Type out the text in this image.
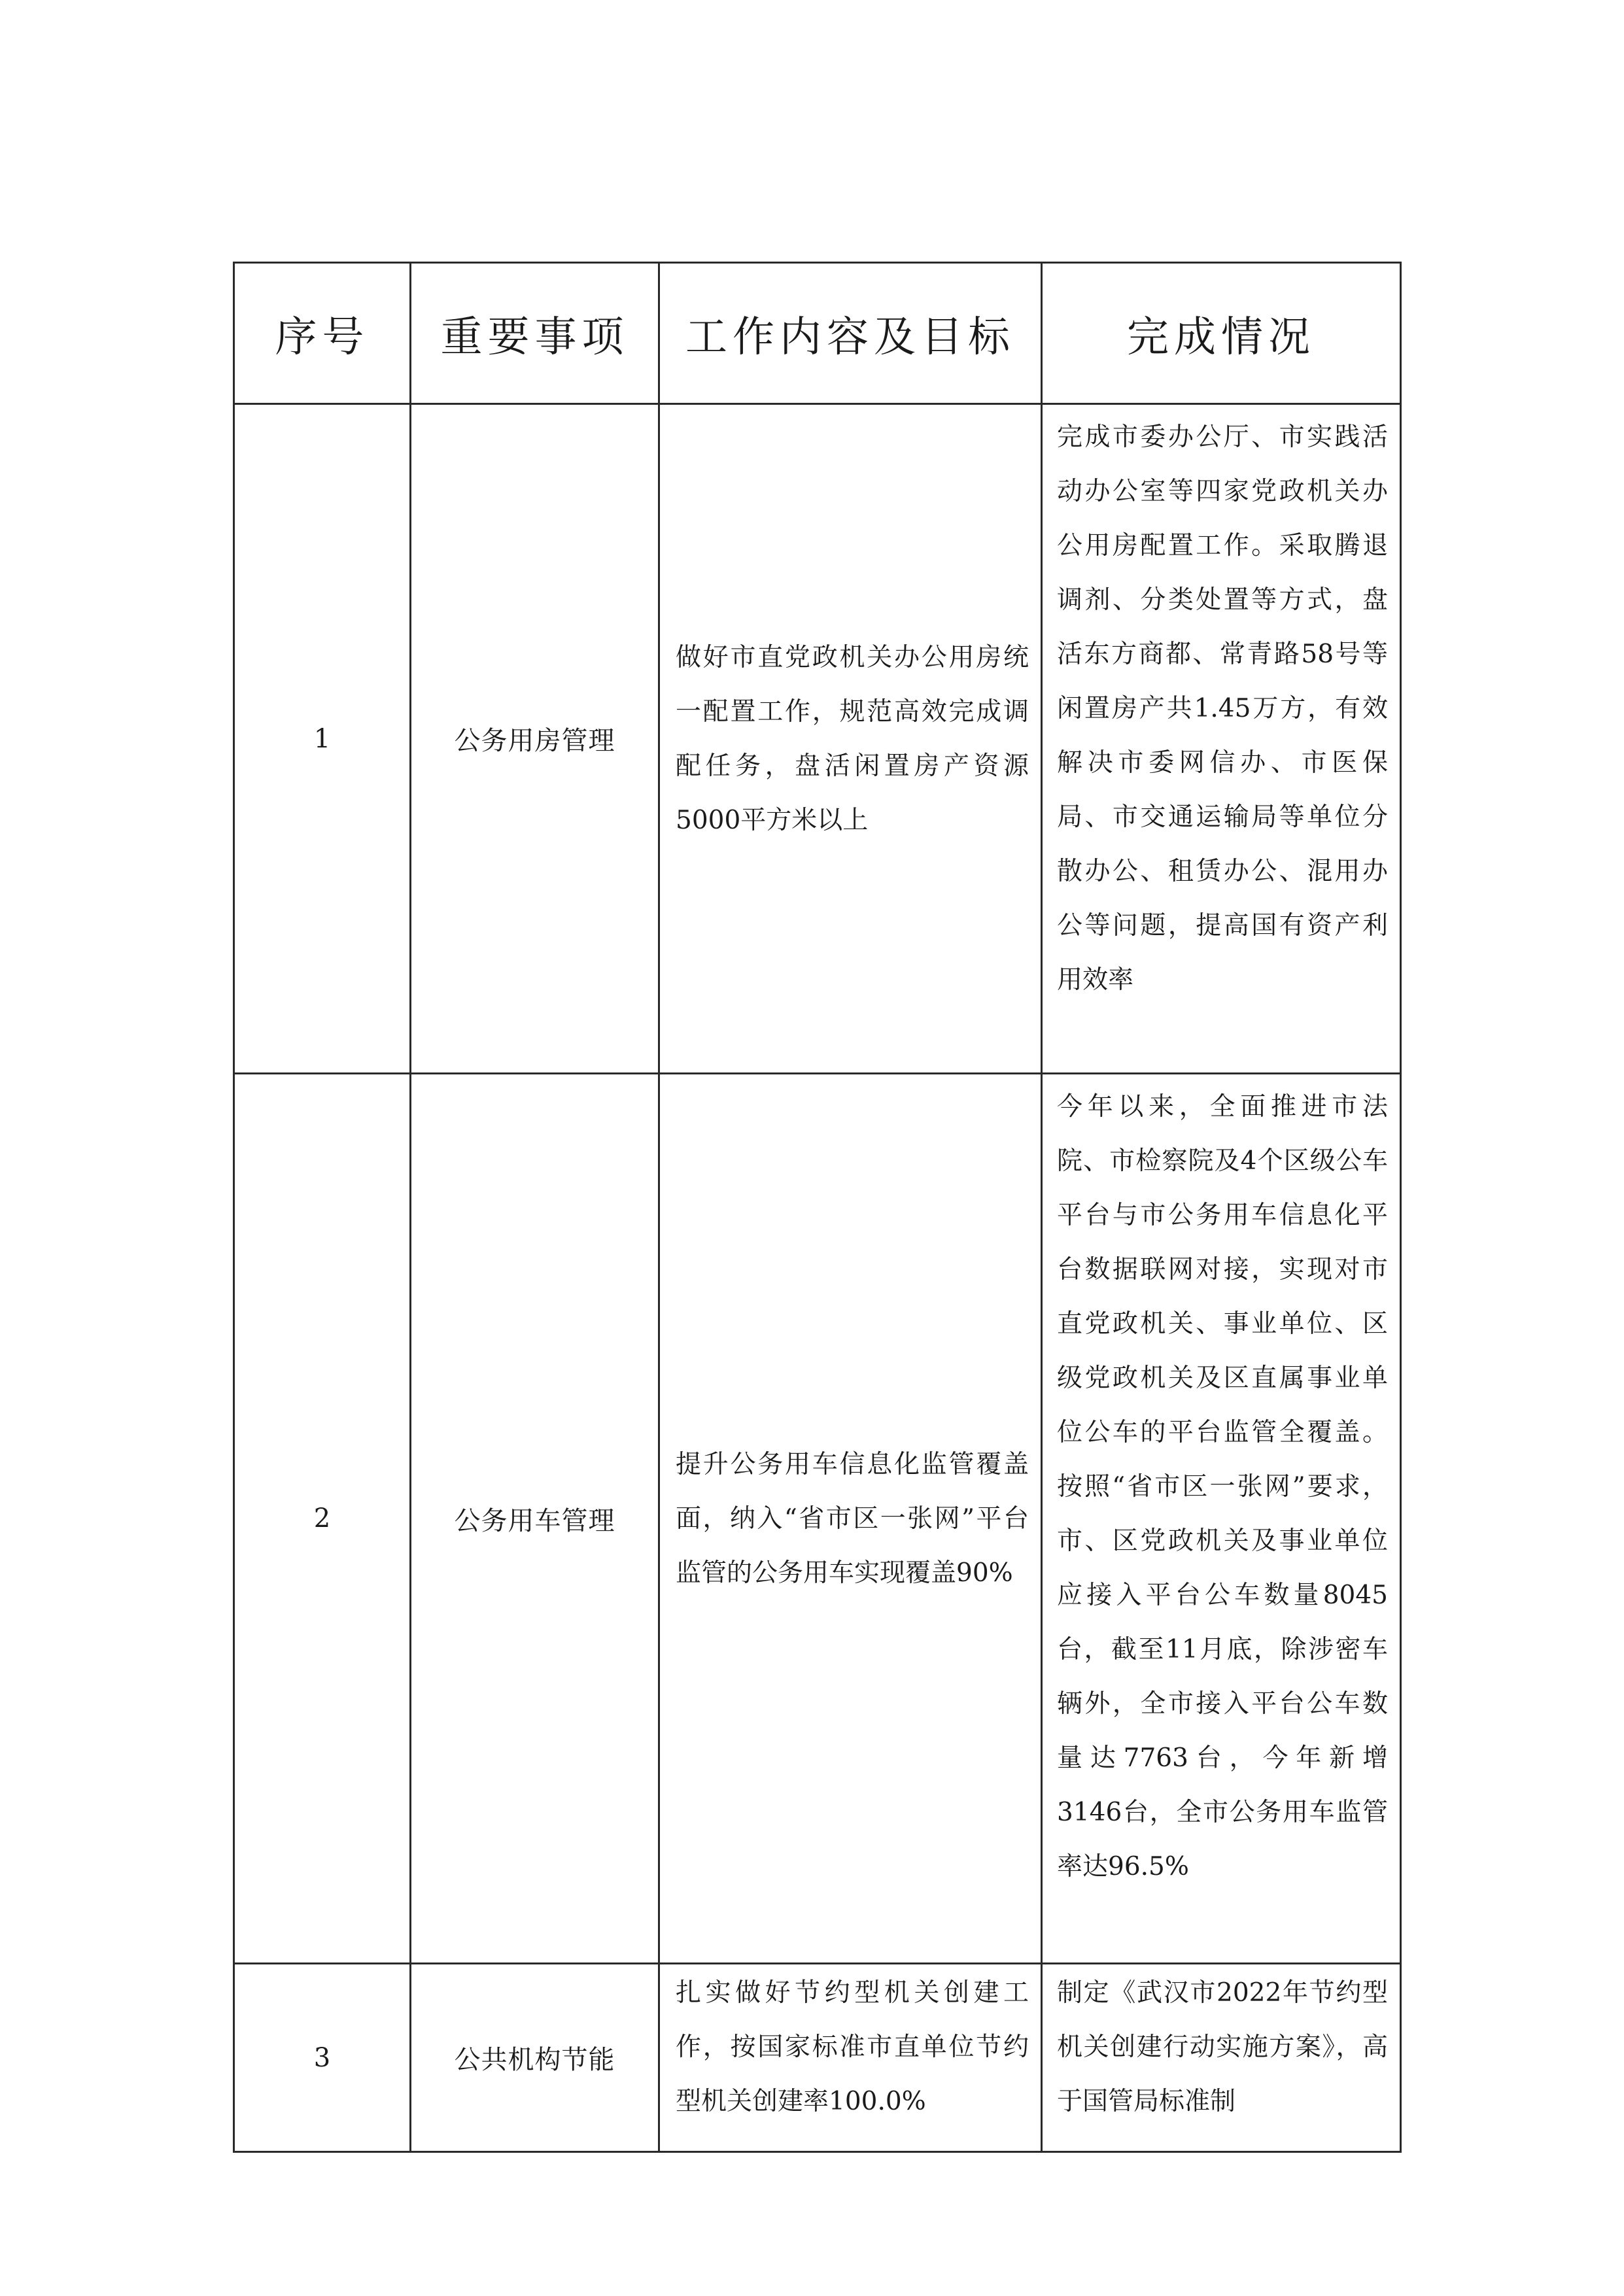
序号	重要事项	工作内容及目标	完成情况
1	公务用房管理	做好市直党政机关办公用房统一配置工作，规范高效完成调配任务，盘活闲置房产资源5000平方米以上	完成市委办公厅、市实践活动办公室等四家党政机关办公用房配置工作。采取腾退调剂、分类处置等方式，盘活东方商都、常青路58号等闲置房产共1.45万方，有效解决市委网信办、市医保局、市交通运输局等单位分散办公、租赁办公、混用办公等问题，提高国有资产利用效率
2	公务用车管理	提升公务用车信息化监管覆盖面，纳入“省市区一张网”平台监管的公务用车实现覆盖90%	今年以来，全面推进市法院、市检察院及4个区级公车平台与市公务用车信息化平台数据联网对接，实现对市直党政机关、事业单位、区级党政机关及区直属事业单位公车的平台监管全覆盖。按照“省市区一张网”要求，市、区党政机关及事业单位应接入平台公车数量8045台，截至11月底，除涉密车辆外，全市接入平台公车数量达7763台，今年新增3146台，全市公务用车监管率达96.5%
3	公共机构节能	扎实做好节约型机关创建工作，按国家标准市直单位节约型机关创建率100.0%	制定《武汉市2022年节约型机关创建行动实施方案》，高于国管局标准制
